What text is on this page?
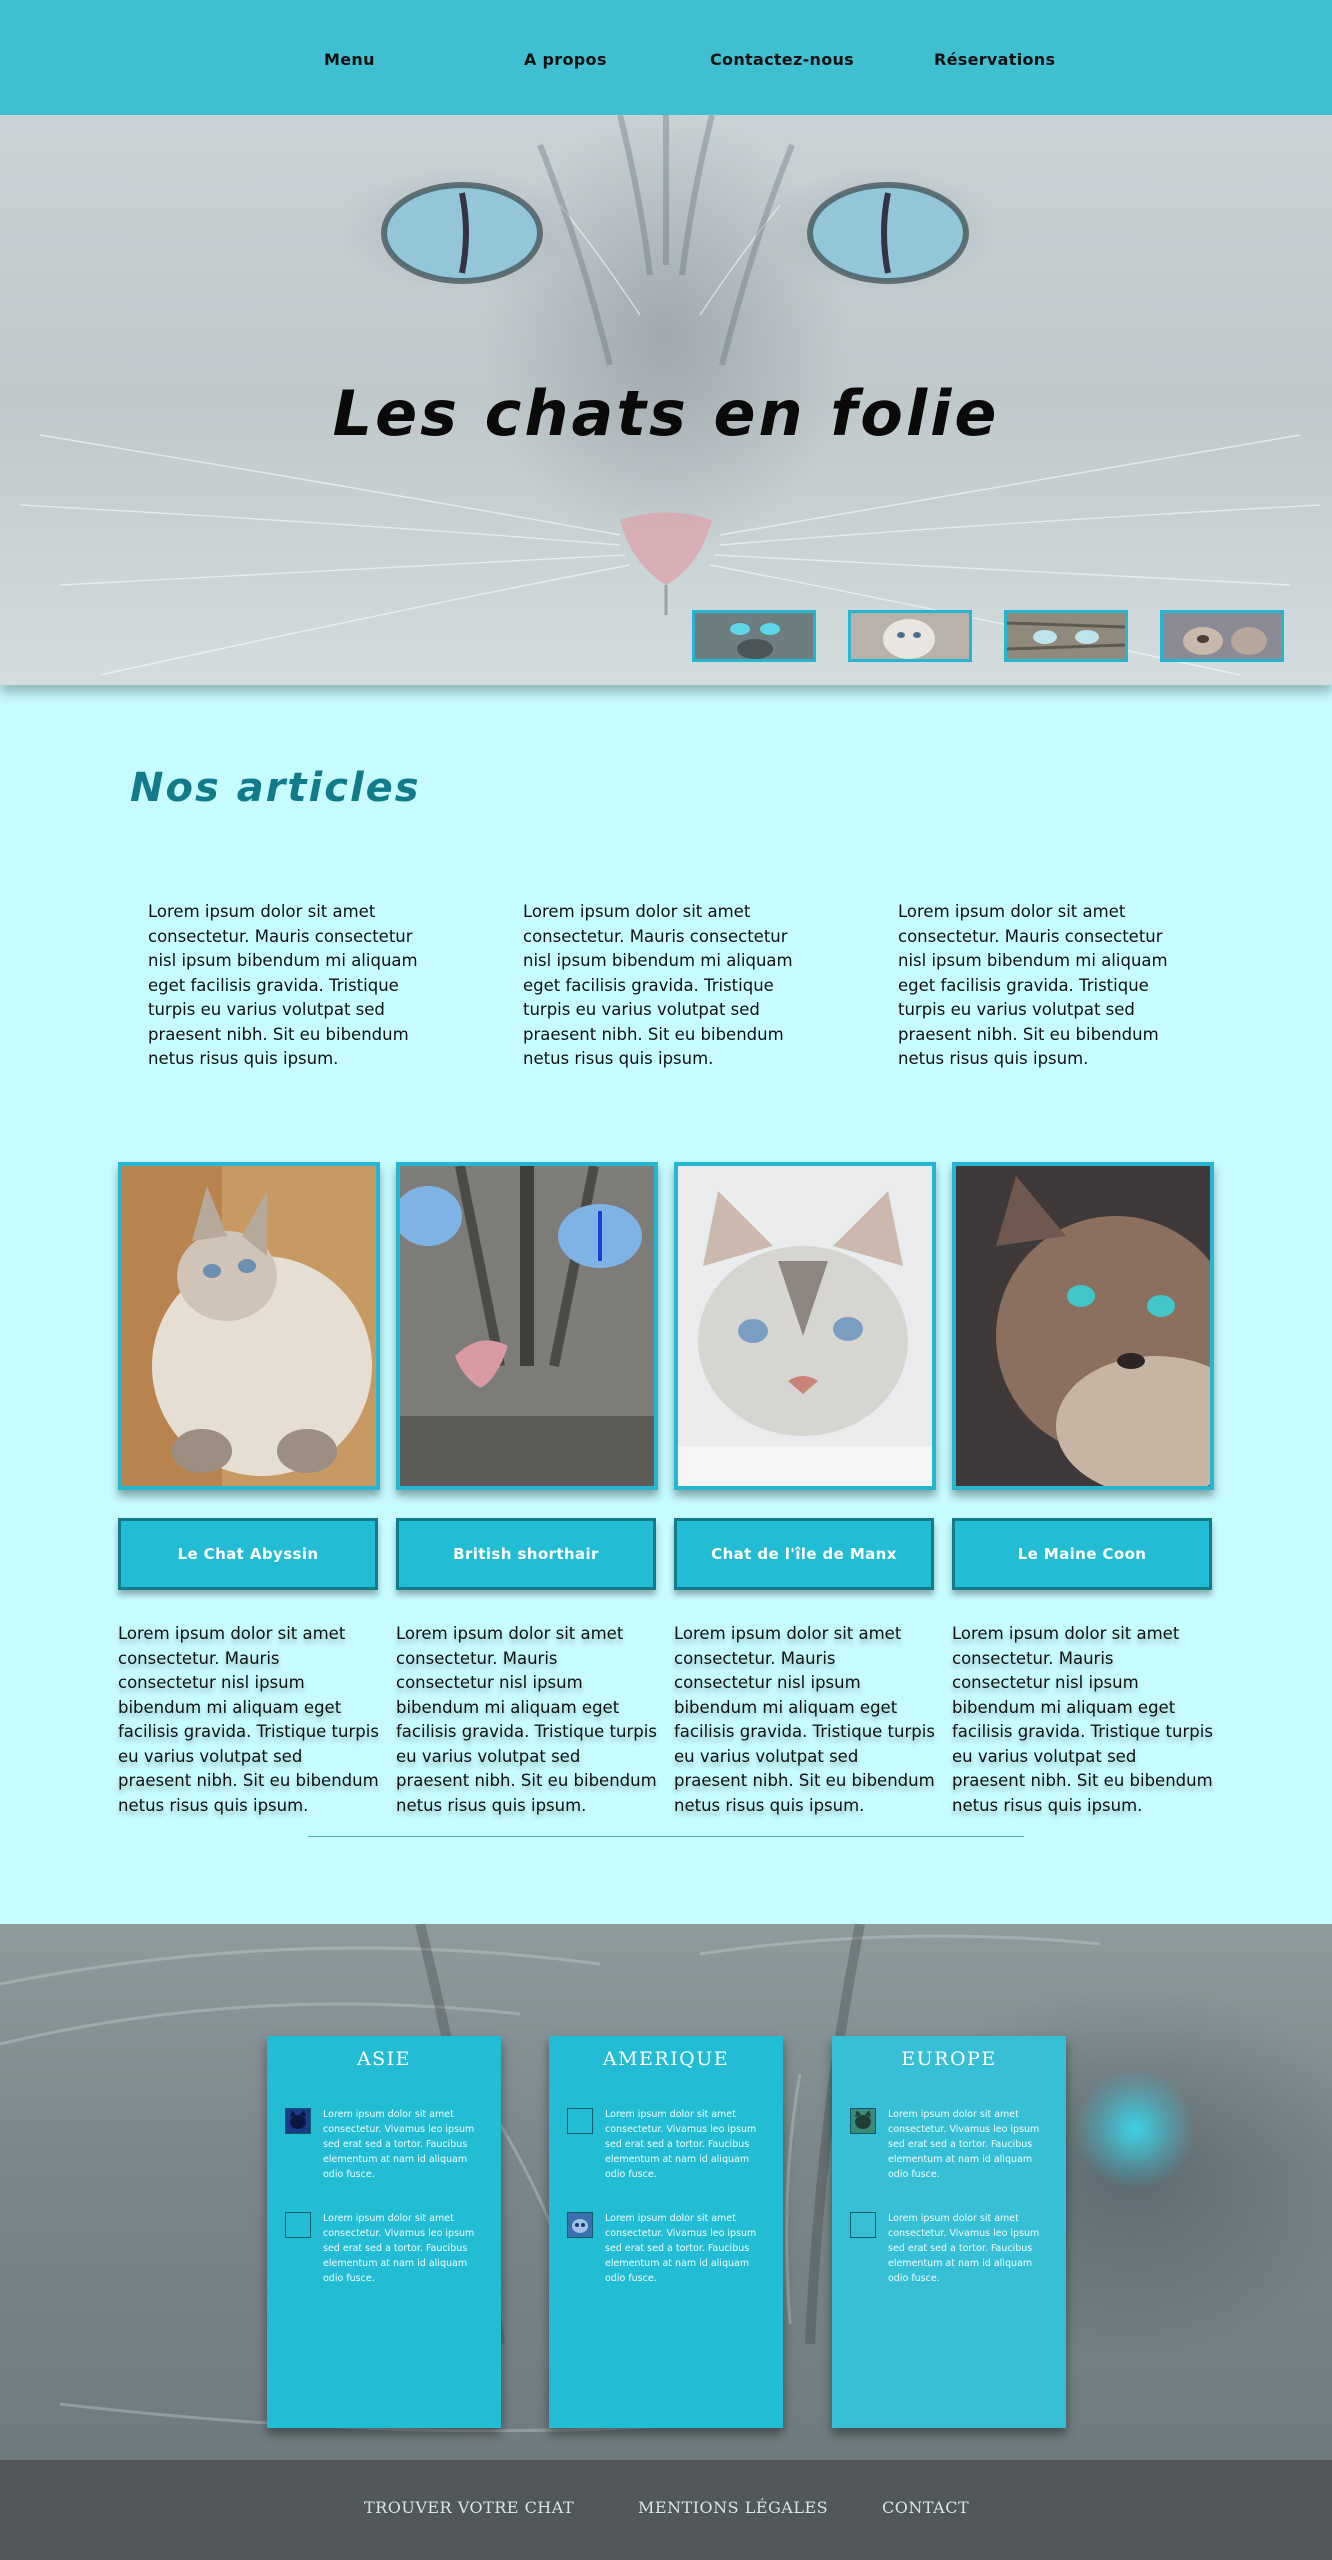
Menu	A propos	Contactez-nous	Réservations
Les chats en folie
Nos articles
Lorem ipsum dolor sit amet consectetur. Mauris consectetur nisl ipsum bibendum mi aliquam eget facilisis gravida. Tristique turpis eu varius volutpat sed praesent nibh. Sit eu bibendum netus risus quis ipsum.
Lorem ipsum dolor sit amet consectetur. Mauris consectetur nisl ipsum bibendum mi aliquam eget facilisis gravida. Tristique turpis eu varius volutpat sed praesent nibh. Sit eu bibendum netus risus quis ipsum.
Lorem ipsum dolor sit amet consectetur. Mauris consectetur nisl ipsum bibendum mi aliquam eget facilisis gravida. Tristique turpis eu varius volutpat sed praesent nibh. Sit eu bibendum netus risus quis ipsum.
Le Chat Abyssin	British shorthair	Chat de l'île de Manx	Le Maine Coon
Lorem ipsum dolor sit amet consectetur. Mauris consectetur nisl ipsum bibendum mi aliquam eget facilisis gravida. Tristique turpis eu varius volutpat sed praesent nibh. Sit eu bibendum netus risus quis ipsum.
Lorem ipsum dolor sit amet consectetur. Mauris consectetur nisl ipsum bibendum mi aliquam eget facilisis gravida. Tristique turpis eu varius volutpat sed praesent nibh. Sit eu bibendum netus risus quis ipsum.
Lorem ipsum dolor sit amet consectetur. Mauris consectetur nisl ipsum bibendum mi aliquam eget facilisis gravida. Tristique turpis eu varius volutpat sed praesent nibh. Sit eu bibendum netus risus quis ipsum.
Lorem ipsum dolor sit amet consectetur. Mauris consectetur nisl ipsum bibendum mi aliquam eget facilisis gravida. Tristique turpis eu varius volutpat sed praesent nibh. Sit eu bibendum netus risus quis ipsum.
ASIE
Lorem ipsum dolor sit amet consectetur. Vivamus leo ipsum sed erat sed a tortor. Faucibus elementum at nam id aliquam odio fusce.
Lorem ipsum dolor sit amet consectetur. Vivamus leo ipsum sed erat sed a tortor. Faucibus elementum at nam id aliquam odio fusce.
AMERIQUE
Lorem ipsum dolor sit amet consectetur. Vivamus leo ipsum sed erat sed a tortor. Faucibus elementum at nam id aliquam odio fusce.
Lorem ipsum dolor sit amet consectetur. Vivamus leo ipsum sed erat sed a tortor. Faucibus elementum at nam id aliquam odio fusce.
EUROPE
Lorem ipsum dolor sit amet consectetur. Vivamus leo ipsum sed erat sed a tortor. Faucibus elementum at nam id aliquam odio fusce.
Lorem ipsum dolor sit amet consectetur. Vivamus leo ipsum sed erat sed a tortor. Faucibus elementum at nam id aliquam odio fusce.
TROUVER VOTRE CHAT	MENTIONS LÉGALES	CONTACT
